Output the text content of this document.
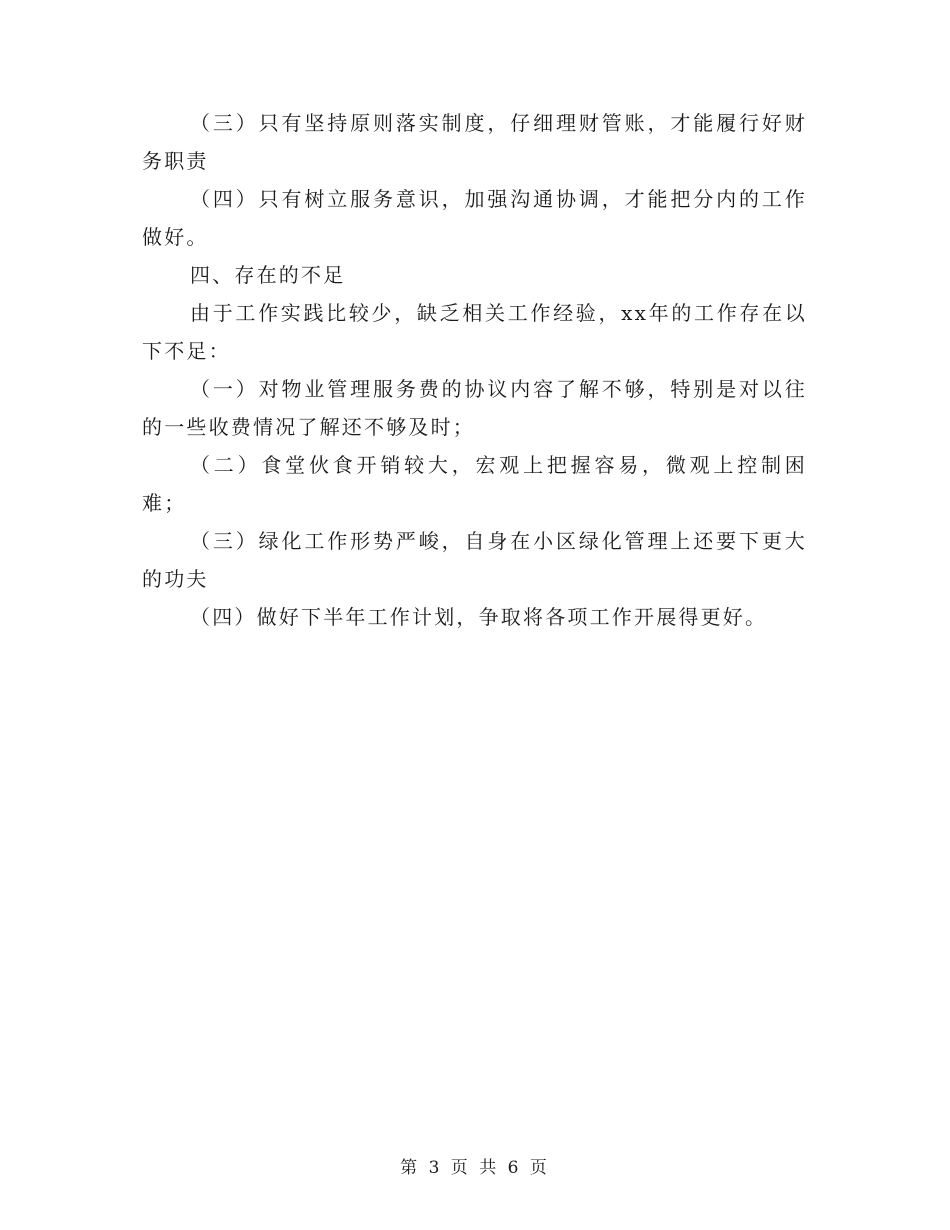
（三）只有坚持原则落实制度，仔细理财管账，才能履行好财务职责

（四）只有树立服务意识，加强沟通协调，才能把分内的工作做好。

四、存在的不足

由于工作实践比较少，缺乏相关工作经验，xx年的工作存在以下不足：

（一）对物业管理服务费的协议内容了解不够，特别是对以往的一些收费情况了解还不够及时；

（二）食堂伙食开销较大，宏观上把握容易，微观上控制困难；

（三）绿化工作形势严峻，自身在小区绿化管理上还要下更大的功夫

（四）做好下半年工作计划，争取将各项工作开展得更好。

第 3 页 共 6 页
